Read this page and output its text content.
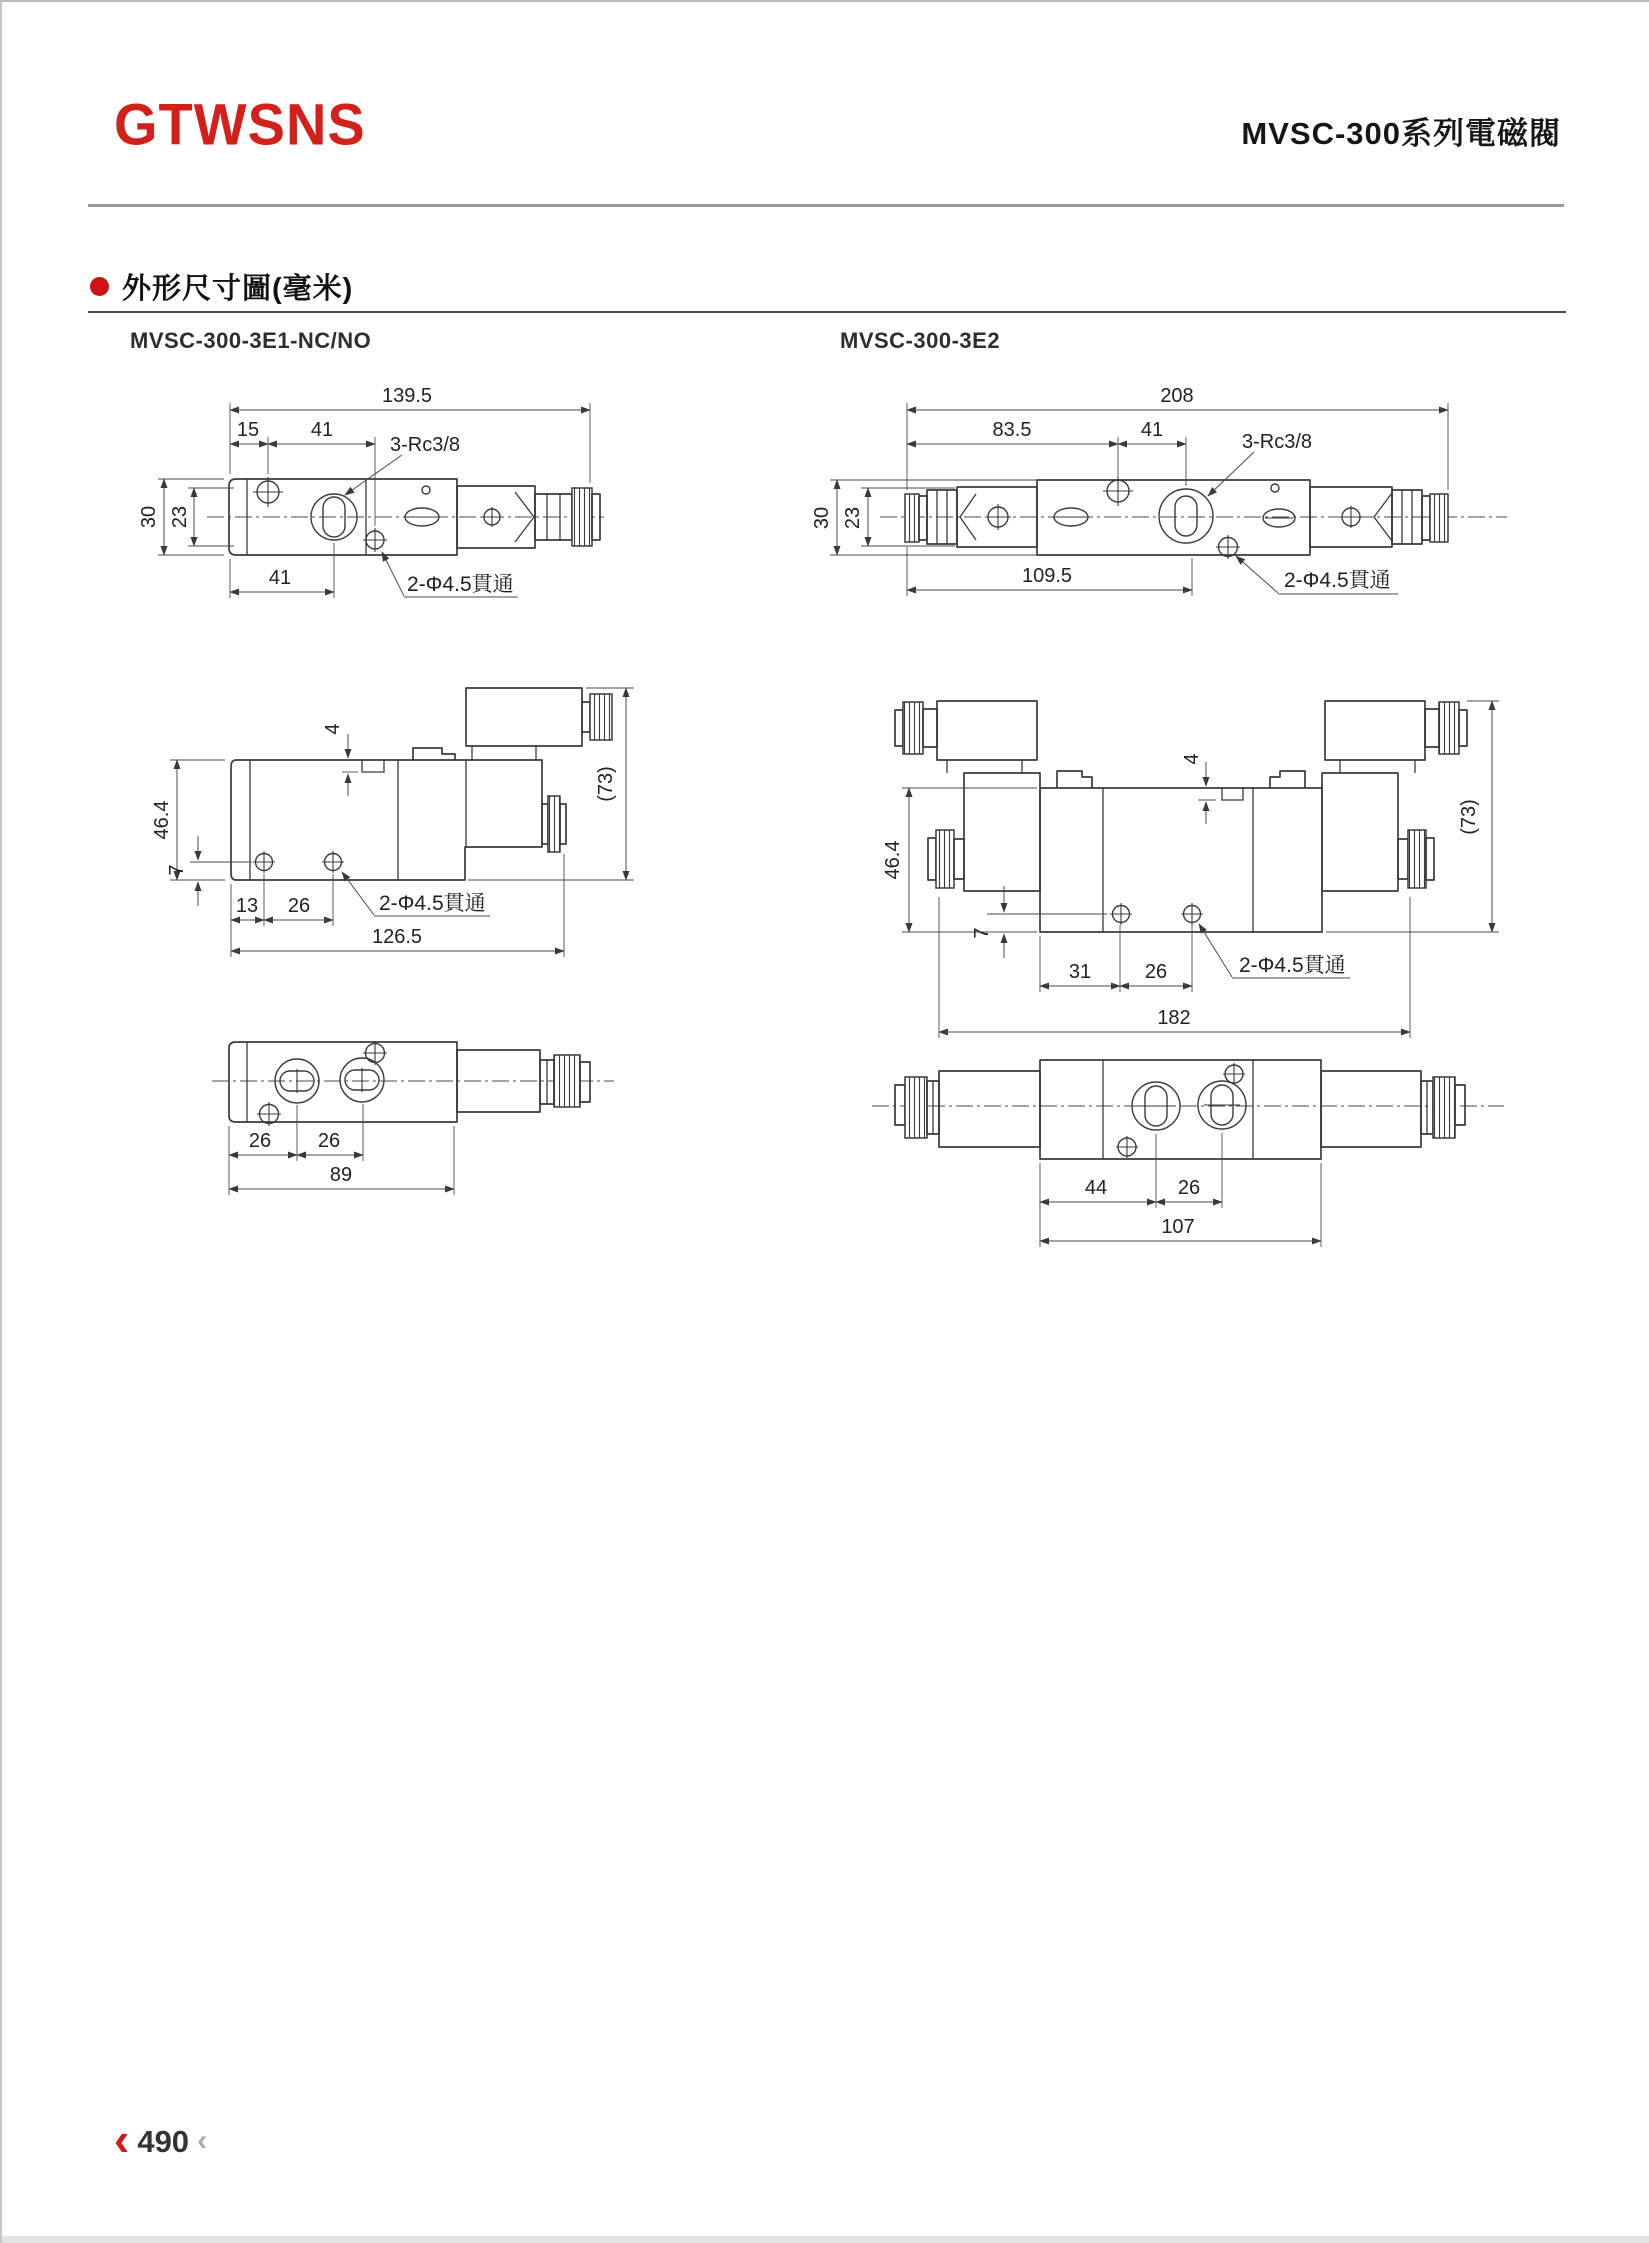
GTWSNS	MVSC-300系列電磁閥
外形尺寸圖(毫米)
MVSC-300-3E1-NC/NO	MVSC-300-3E2
139.5
15	41
3-Rc3/8
30 23
41	2-Φ4.5貫通
208
83.5	41
3-Rc3/8
30 23
109.5	2-Φ4.5貫通
4
46.4
7
(73)
13 26
126.5
2-Φ4.5貫通
4
46.4
7
(73)
31	26
182
2-Φ4.5貫通
26 26
89
44	26
107
‹ 490 ‹
